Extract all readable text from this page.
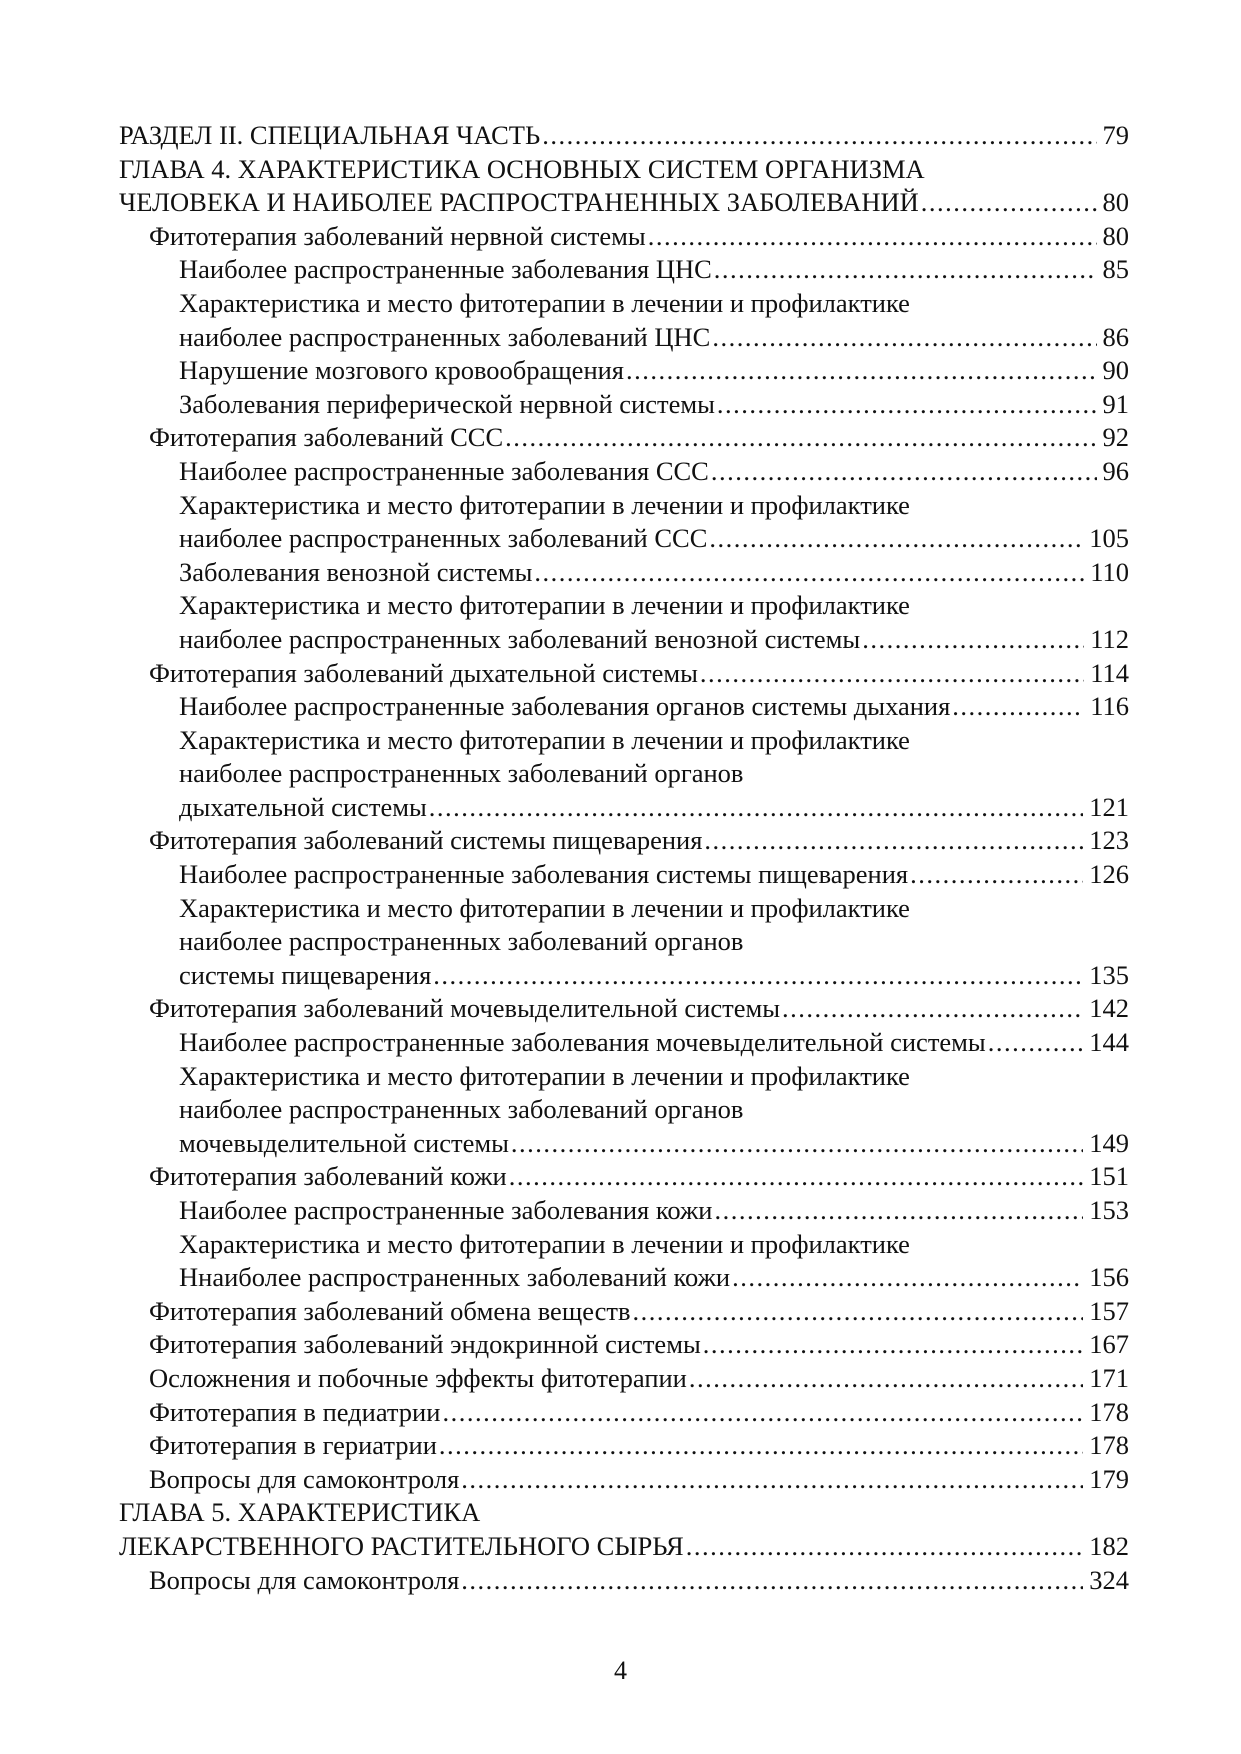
РАЗДЕЛ II. СПЕЦИАЛЬНАЯ ЧАСТЬ .....	79
ГЛАВА 4. ХАРАКТЕРИСТИКА ОСНОВНЫХ СИСТЕМ ОРГАНИЗМА
ЧЕЛОВЕКА И НАИБОЛЕЕ РАСПРОСТРАНЕННЫХ ЗАБОЛЕВАНИЙ .....	80
Фитотерапия заболеваний нервной системы .....	80
Наиболее распространенные заболевания ЦНС .....	85
Характеристика и место фитотерапии в лечении и профилактике
наиболее распространенных заболеваний ЦНС .....	86
Нарушение мозгового кровообращения .....	90
Заболевания периферической нервной системы .....	91
Фитотерапия заболеваний ССС .....	92
Наиболее распространенные заболевания ССС .....	96
Характеристика и место фитотерапии в лечении и профилактике
наиболее распространенных заболеваний ССС .....	105
Заболевания венозной системы .....	110
Характеристика и место фитотерапии в лечении и профилактике
наиболее распространенных заболеваний венозной системы .....	112
Фитотерапия заболеваний дыхательной системы .....	114
Наиболее распространенные заболевания органов системы дыхания .....	116
Характеристика и место фитотерапии в лечении и профилактике
наиболее распространенных заболеваний органов
дыхательной системы .....	121
Фитотерапия заболеваний системы пищеварения .....	123
Наиболее распространенные заболевания системы пищеварения .....	126
Характеристика и место фитотерапии в лечении и профилактике
наиболее распространенных заболеваний органов
системы пищеварения .....	135
Фитотерапия заболеваний мочевыделительной системы .....	142
Наиболее распространенные заболевания мочевыделительной системы .....	144
Характеристика и место фитотерапии в лечении и профилактике
наиболее распространенных заболеваний органов
мочевыделительной системы .....	149
Фитотерапия заболеваний кожи .....	151
Наиболее распространенные заболевания кожи .....	153
Характеристика и место фитотерапии в лечении и профилактике
Ннаиболее распространенных заболеваний кожи .....	156
Фитотерапия заболеваний обмена веществ .....	157
Фитотерапия заболеваний эндокринной системы .....	167
Осложнения и побочные эффекты фитотерапии .....	171
Фитотерапия в педиатрии .....	178
Фитотерапия в гериатрии .....	178
Вопросы для самоконтроля .....	179
ГЛАВА 5. ХАРАКТЕРИСТИКА
ЛЕКАРСТВЕННОГО РАСТИТЕЛЬНОГО СЫРЬЯ .....	182
Вопросы для самоконтроля .....	324
4
